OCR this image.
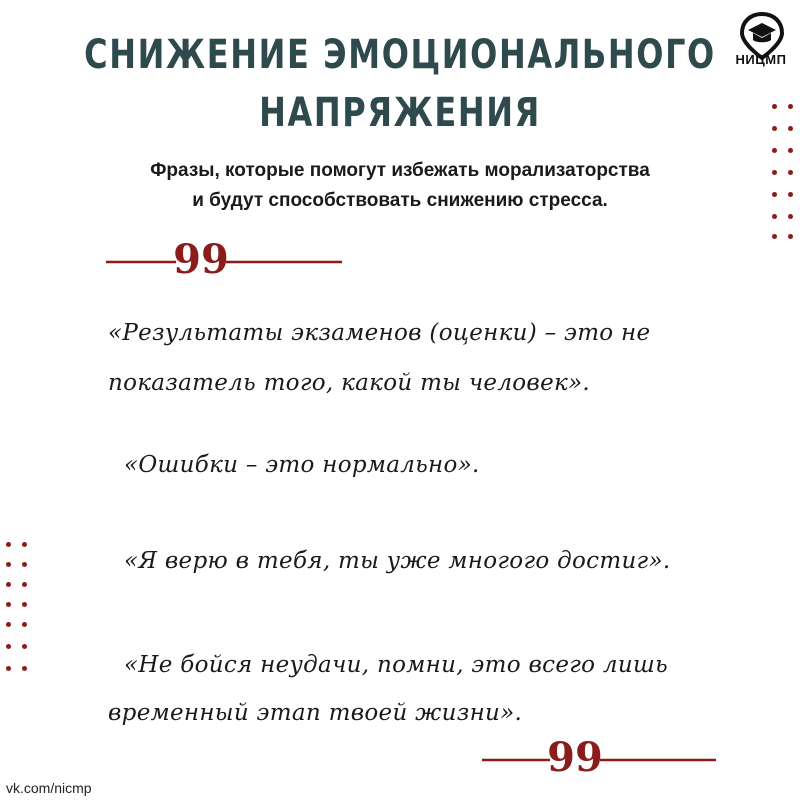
СНИЖЕНИЕ ЭМОЦИОНАЛЬНОГО
НАПРЯЖЕНИЯ

Фразы, которые помогут избежать морализаторства
и будут способствовать снижению стресса.

НИЦМП
99
99

«Результаты экзаменов (оценки) – это не

показатель того, какой ты человек».

«Ошибки – это нормально».

«Я верю в тебя, ты уже многого достиг».

«Не бойся неудачи, помни, это всего лишь

временный этап твоей жизни».

vk.com/nicmp
